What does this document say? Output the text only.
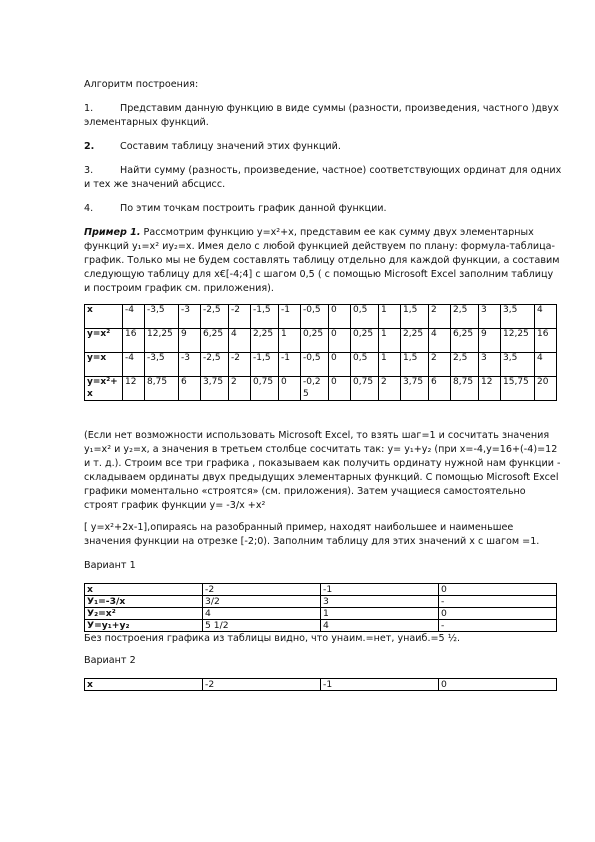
Алгоритм построения:

1.	Представим данную функцию в виде суммы (разности, произведения, частного )двух элементарных функций.

2.	Составим таблицу значений этих функций.

3.	Найти сумму (разность, произведение, частное) соответствующих ординат для одних и тех же значений абсцисс.

4.	По этим точкам построить график данной функции.

Пример 1. Рассмотрим функцию у=х²+х, представим ее как сумму двух элементарных функций у₁=х² иу₂=х. Имея дело с любой функцией действуем по плану: формула-таблица-график. Только мы не будем составлять таблицу отдельно для каждой функции, а составим следующую таблицу для х€[-4;4] с шагом 0,5 ( с помощью Microsoft Excel заполним таблицу и построим график см. приложения).

x	-4	-3,5	-3	-2,5	-2	-1,5	-1	-0,5	0	0,5	1	1,5	2	2,5	3	3,5	4
y=x²	16	12,25	9	6,25	4	2,25	1	0,25	0	0,25	1	2,25	4	6,25	9	12,25	16
y=x	-4	-3,5	-3	-2,5	-2	-1,5	-1	-0,5	0	0,5	1	1,5	2	2,5	3	3,5	4
y=x²+x	12	8,75	6	3,75	2	0,75	0	-0,25	0	0,75	2	3,75	6	8,75	12	15,75	20

(Если нет возможности использовать Microsoft Excel, то взять шаг=1 и сосчитать значения у₁=х² и у₂=х, а значения в третьем столбце сосчитать так: у= у₁+у₂ (при х=-4,у=16+(-4)=12 и т. д.). Строим все три графика , показываем как получить ординату нужной нам функции - складываем ординаты двух предыдущих элементарных функций. С помощью Microsoft Excel графики моментально «строятся» (см. приложения). Затем учащиеся самостоятельно строят график функции у= -3/х +х²

[ у=х²+2х-1],опираясь на разобранный пример, находят наибольшее и наименьшее значения функции на отрезке [-2;0). Заполним таблицу для этих значений х с шагом =1.

Вариант 1

x	-2	-1	0
У₁=-3/х	3/2	3	-
У₂=х²	4	1	0
У=у₁+у₂	5 1/2	4	-

Без построения графика из таблицы видно, что унаим.=нет, унаиб.=5 ½.

Вариант 2

x	-2	-1	0
